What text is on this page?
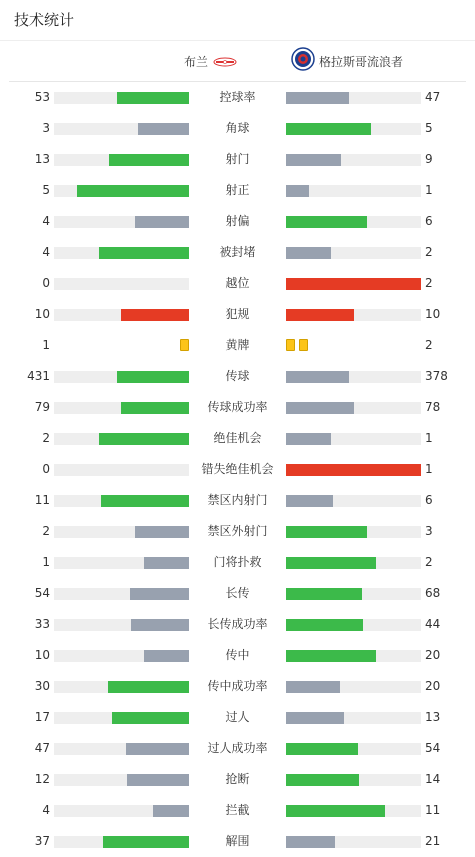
技术统计
布兰	格拉斯哥流浪者
53	控球率	47
3	角球	5
13	射门	9
5	射正	1
4	射偏	6
4	被封堵	2
0	越位	2
10	犯规	10
1	黄牌	2
431	传球	378
79	传球成功率	78
2	绝佳机会	1
0	错失绝佳机会	1
11	禁区内射门	6
2	禁区外射门	3
1	门将扑救	2
54	长传	68
33	长传成功率	44
10	传中	20
30	传中成功率	20
17	过人	13
47	过人成功率	54
12	抢断	14
4	拦截	11
37	解围	21
